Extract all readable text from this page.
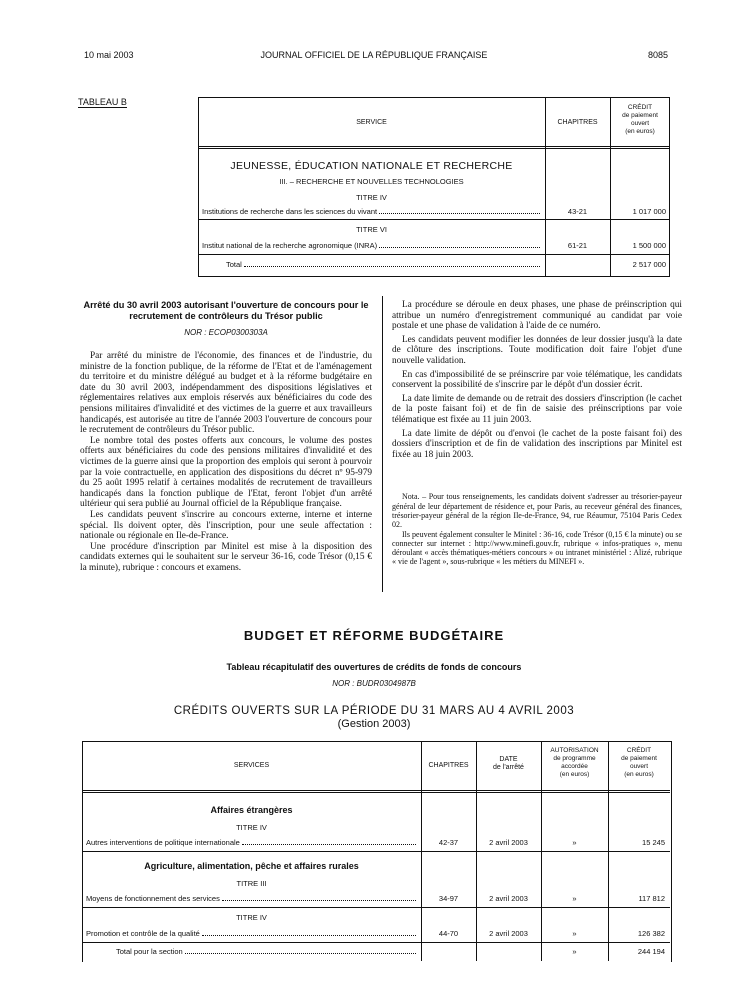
10 mai 2003	JOURNAL OFFICIEL DE LA RÉPUBLIQUE FRANÇAISE	8085
TABLEAU B
SERVICE	CHAPITRES
CRÉDIT
de paiement
ouvert
(en euros)
JEUNESSE, ÉDUCATION NATIONALE ET RECHERCHE
III. – RECHERCHE ET NOUVELLES TECHNOLOGIES
TITRE IV
Institutions de recherche dans les sciences du vivant	43-21	1 017 000
TITRE VI
Institut national de la recherche agronomique (INRA)	61-21	1 500 000
Total	2 517 000
Arrêté du 30 avril 2003 autorisant l'ouverture de concours pour le recrutement de contrôleurs du Trésor public
NOR : ECOP0300303A

Par arrêté du ministre de l'économie, des finances et de l'industrie, du ministre de la fonction publique, de la réforme de l'Etat et de l'aménagement du territoire et du ministre délégué au budget et à la réforme budgétaire en date du 30 avril 2003, indépendamment des dispositions législatives et réglementaires relatives aux emplois réservés aux bénéficiaires du code des pensions militaires d'invalidité et des victimes de la guerre et aux travailleurs handicapés, est autorisée au titre de l'année 2003 l'ouverture de concours pour le recrutement de contrôleurs du Trésor public.

Le nombre total des postes offerts aux concours, le volume des postes offerts aux bénéficiaires du code des pensions militaires d'invalidité et des victimes de la guerre ainsi que la proportion des emplois qui seront à pourvoir par la voie contractuelle, en application des dispositions du décret nº 95-979 du 25 août 1995 relatif à certaines modalités de recrutement de travailleurs handicapés dans la fonction publique de l'Etat, feront l'objet d'un arrêté ultérieur qui sera publié au Journal officiel de la République française.

Les candidats peuvent s'inscrire au concours externe, interne et interne spécial. Ils doivent opter, dès l'inscription, pour une seule affectation : nationale ou régionale en Ile-de-France.

Une procédure d'inscription par Minitel est mise à la disposition des candidats externes qui le souhaitent sur le serveur 36-16, code Trésor (0,15 € la minute), rubrique : concours et examens.

La procédure se déroule en deux phases, une phase de préinscription qui attribue un numéro d'enregistrement communiqué au candidat par voie postale et une phase de validation à l'aide de ce numéro.

Les candidats peuvent modifier les données de leur dossier jusqu'à la date de clôture des inscriptions. Toute modification doit faire l'objet d'une nouvelle validation.

En cas d'impossibilité de se préinscrire par voie télématique, les candidats conservent la possibilité de s'inscrire par le dépôt d'un dossier écrit.

La date limite de demande ou de retrait des dossiers d'inscription (le cachet de la poste faisant foi) et de fin de saisie des préinscriptions par voie télématique est fixée au 11 juin 2003.

La date limite de dépôt ou d'envoi (le cachet de la poste faisant foi) des dossiers d'inscription et de fin de validation des inscriptions par Minitel est fixée au 18 juin 2003.

Nota. – Pour tous renseignements, les candidats doivent s'adresser au trésorier-payeur général de leur département de résidence et, pour Paris, au receveur général des finances, trésorier-payeur général de la région Ile-de-France, 94, rue Réaumur, 75104 Paris Cedex 02.

Ils peuvent également consulter le Minitel : 36-16, code Trésor (0,15 € la minute) ou se connecter sur internet : http://www.minefi.gouv.fr, rubrique « infos-pratiques », menu déroulant « accès thématiques-métiers concours » ou intranet ministériel : Alizé, rubrique « vie de l'agent », sous-rubrique « les métiers du MINEFI ».

BUDGET ET RÉFORME BUDGÉTAIRE
Tableau récapitulatif des ouvertures de crédits de fonds de concours
NOR : BUDR0304987B
CRÉDITS OUVERTS SUR LA PÉRIODE DU 31 MARS AU 4 AVRIL 2003
(Gestion 2003)
SERVICES	CHAPITRES
DATE
de l'arrêté
AUTORISATION
de programme
accordée
(en euros)
CRÉDIT
de paiement
ouvert
(en euros)
Affaires étrangères
TITRE IV
Autres interventions de politique internationale	42-37	2 avril 2003	»	15 245
Agriculture, alimentation, pêche et affaires rurales
TITRE III
Moyens de fonctionnement des services	34-97	2 avril 2003	»	117 812
TITRE IV
Promotion et contrôle de la qualité	44-70	2 avril 2003	»	126 382
Total pour la section	»	244 194
